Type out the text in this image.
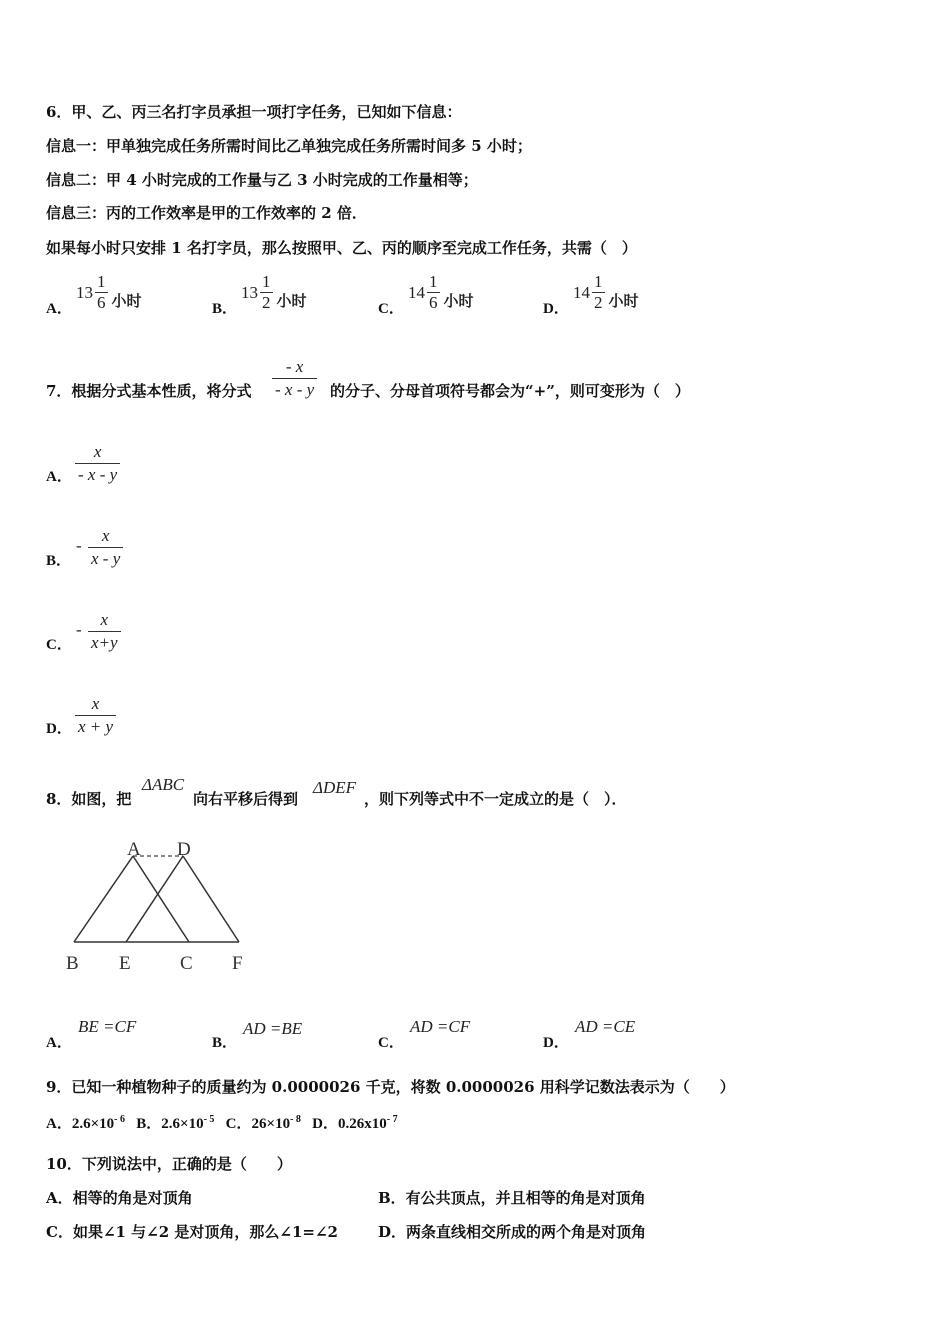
6．甲、乙、丙三名打字员承担一项打字任务，已知如下信息：
信息一：甲单独完成任务所需时间比乙单独完成任务所需时间多 5 小时；
信息二：甲 4 小时完成的工作量与乙 3 小时完成的工作量相等；
信息三：丙的工作效率是甲的工作效率的 2 倍．
如果每小时只安排 1 名打字员，那么按照甲、乙、丙的顺序至完成工作任务，共需（　）
A．
13
1
6 小时	B．
13
1
2 小时	C．
14
1
6 小时	D．
14
1
2 小时
7．根据分式基本性质，将分式
- x
- x - y 的分子、分母首项符号都会为“+”，则可变形为（　）
A．
x
- x - y
B．
-
x
x - y
C．
-
x
x+y
D．
x
x + y
8．如图，把
ΔABC
向右平移后得到
ΔDEF
，则下列等式中不一定成立的是（　）．
A D
B E	C F
A．
BE =CF
B．
AD =BE
C．
AD =CF
D．
AD =CE
9．已知一种植物种子的质量约为 0.0000026 千克，将数 0.0000026 用科学记数法表示为（　　）
A．$2.6\times 10^{- 6}$ B．$2.6\times 10^{- 5}$ C．$26\times 10^{- 8}$ D．$0.26x10^{- 7}$
10．下列说法中，正确的是（　　）
A．相等的角是对顶角	B．有公共顶点，并且相等的角是对顶角
C．如果∠1 与∠2 是对顶角，那么∠1=∠2	D．两条直线相交所成的两个角是对顶角
